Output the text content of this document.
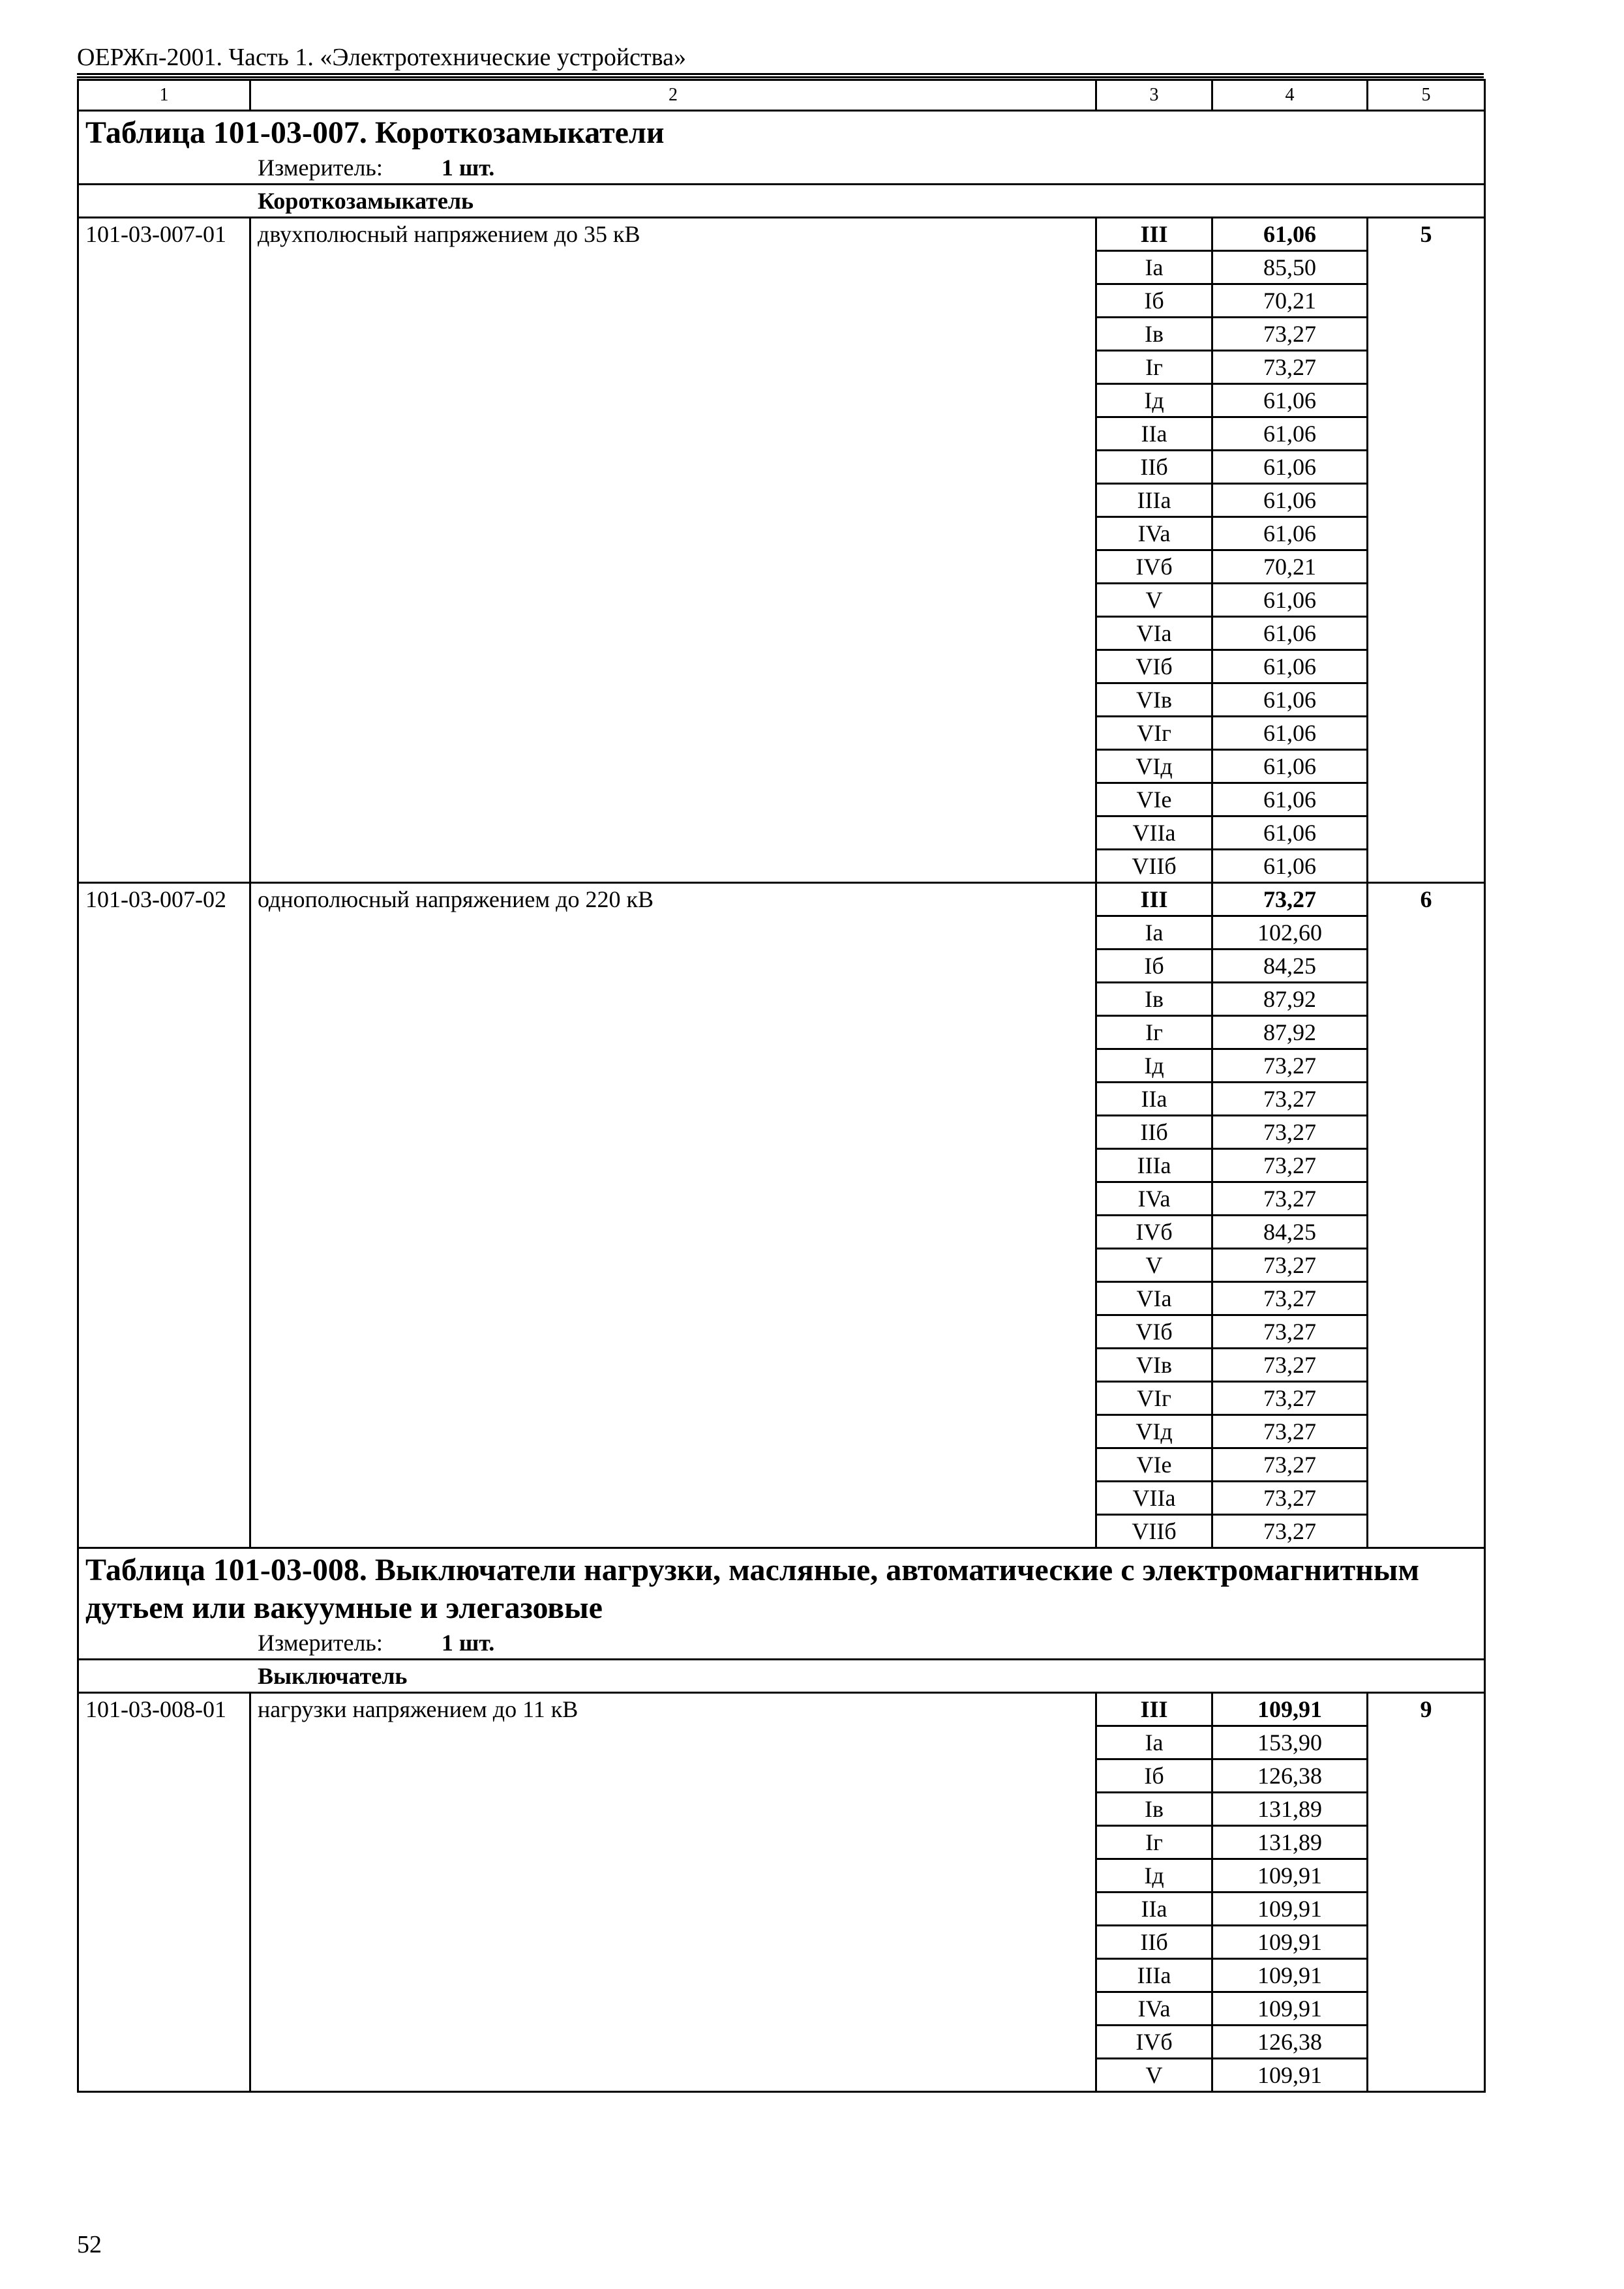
ОЕРЖп-2001. Часть 1. «Электротехнические устройства»
1	2	3	4	5
Таблица 101-03-007. Короткозамыкатели
Измеритель: 1 шт.				

Короткозамыкатель				
101-03-007-01	двухполюсный напряжением до 35 кВ	III	61,06	5
		Ia	85,50	
		Iб	70,21	
		Iв	73,27	
		Iг	73,27	
		Iд	61,06	
		IIa	61,06	
		IIб	61,06	
		IIIa	61,06	
		IVa	61,06	
		IVб	70,21	
		V	61,06	
		VIa	61,06	
		VIб	61,06	
		VIв	61,06	
		VIг	61,06	
		VIд	61,06	
		VIe	61,06	
		VIIa	61,06	
		VIIб	61,06	
101-03-007-02	однополюсный напряжением до 220 кВ	III	73,27	6
		Ia	102,60	
		Iб	84,25	
		Iв	87,92	
		Iг	87,92	
		Iд	73,27	
		IIa	73,27	
		IIб	73,27	
		IIIa	73,27	
		IVa	73,27	
		IVб	84,25	
		V	73,27	
		VIa	73,27	
		VIб	73,27	
		VIв	73,27	
		VIг	73,27	
		VIд	73,27	
		VIe	73,27	
		VIIa	73,27	
		VIIб	73,27	
Таблица 101-03-008. Выключатели нагрузки, масляные, автоматические с электромагнитным дутьем или вакуумные и элегазовые
Измеритель: 1 шт.				

Выключатель				
101-03-008-01	нагрузки напряжением до 11 кВ	III	109,91	9
		Ia	153,90	
		Iб	126,38	
		Iв	131,89	
		Iг	131,89	
		Iд	109,91	
		IIa	109,91	
		IIб	109,91	
		IIIa	109,91	
		IVa	109,91	
		IVб	126,38	
		V	109,91	
52
